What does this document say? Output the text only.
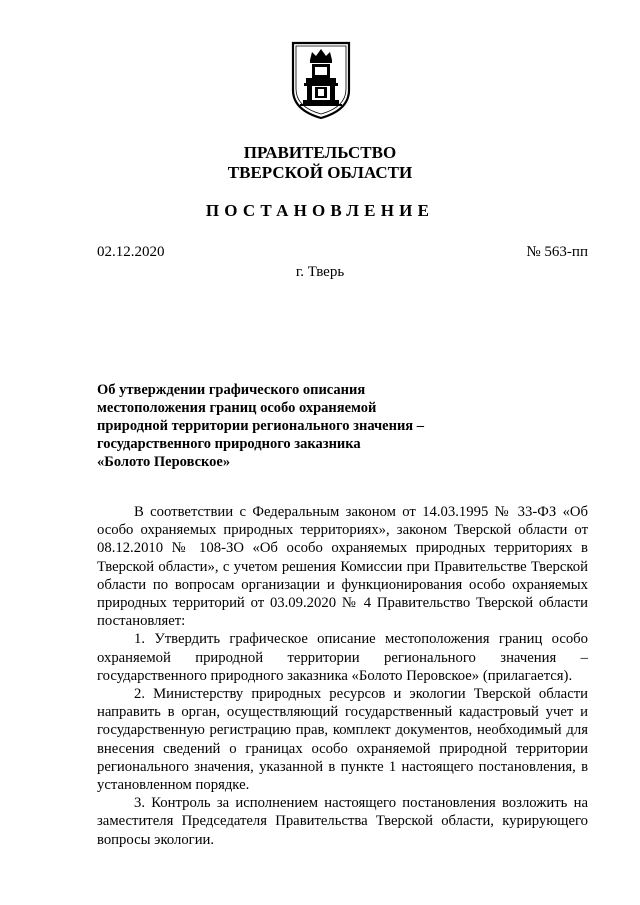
ПРАВИТЕЛЬСТВО
ТВЕРСКОЙ ОБЛАСТИ
ПОСТАНОВЛЕНИЕ
02.12.2020	№ 563-пп
г. Тверь
Об утверждении графического описания
местоположения границ особо охраняемой
природной территории регионального значения –
государственного природного заказника
«Болото Перовское»

В соответствии с Федеральным законом от 14.03.1995 № 33-ФЗ «Об особо охраняемых природных территориях», законом Тверской области от 08.12.2010 № 108-ЗО «Об особо охраняемых природных территориях в Тверской области», с учетом решения Комиссии при Правительстве Тверской области по вопросам организации и функционирования особо охраняемых природных территорий от 03.09.2020 № 4 Правительство Тверской области постановляет:

1. Утвердить графическое описание местоположения границ особо охраняемой природной территории регионального значения – государственного природного заказника «Болото Перовское» (прилагается).

2. Министерству природных ресурсов и экологии Тверской области направить в орган, осуществляющий государственный кадастровый учет и государственную регистрацию прав, комплект документов, необходимый для внесения сведений о границах особо охраняемой природной территории регионального значения, указанной в пункте 1 настоящего постановления, в установленном порядке.

3. Контроль за исполнением настоящего постановления возложить на заместителя Председателя Правительства Тверской области, курирующего вопросы экологии.
